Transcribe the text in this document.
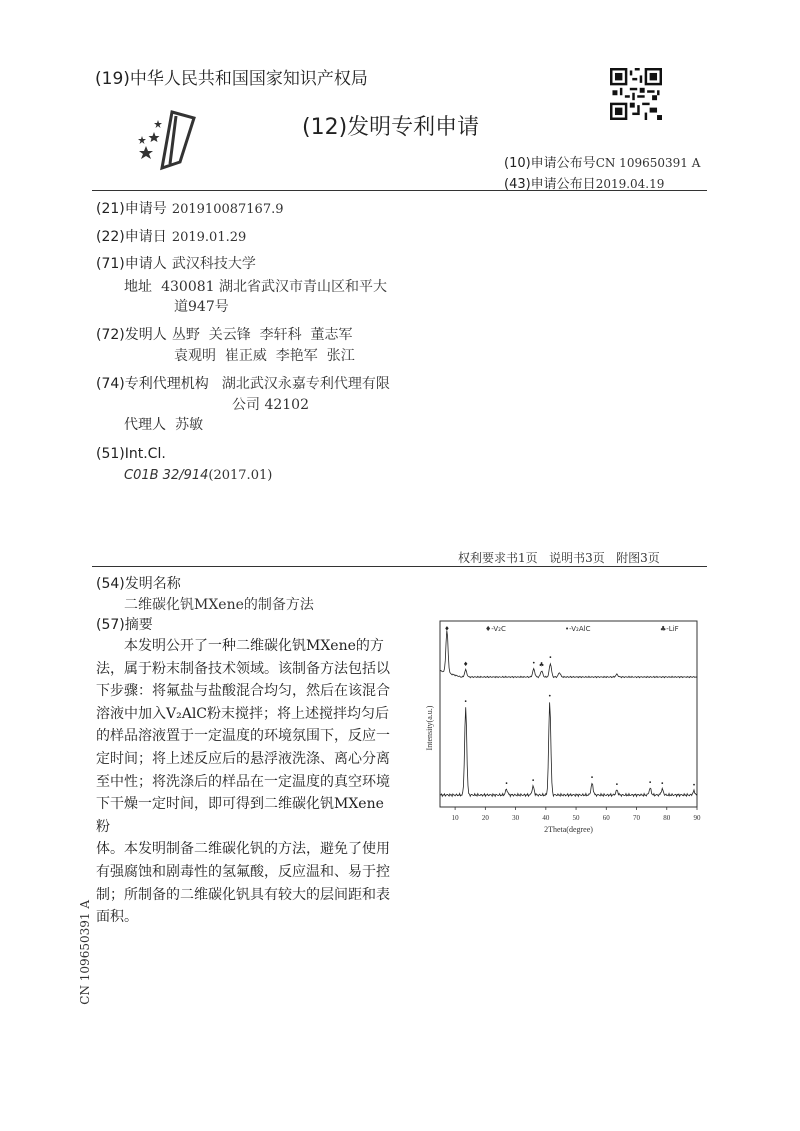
(19)中华人民共和国国家知识产权局
(12)发明专利申请
(10)申请公布号CN 109650391 A
(43)申请公布日2019.04.19
(21)申请号 201910087167.9
(22)申请日 2019.01.29
(71)申请人 武汉科技大学
地址 430081 湖北省武汉市青山区和平大
道947号
(72)发明人 丛野  关云锋  李轩科  董志军
袁观明  崔正威  李艳军  张江
(74)专利代理机构 湖北武汉永嘉专利代理有限
公司 42102
代理人 苏敏
(51)Int.Cl.
C01B 32/914(2017.01)
权利要求书1页   说明书3页   附图3页
(54)发明名称
二维碳化钒MXene的制备方法
(57)摘要
　　本发明公开了一种二维碳化钒MXene的方
法，属于粉末制备技术领域。该制备方法包括以
下步骤：将氟盐与盐酸混合均匀，然后在该混合
溶液中加入V₂AlC粉末搅拌；将上述搅拌均匀后
的样品溶液置于一定温度的环境氛围下，反应一
定时间；将上述反应后的悬浮液洗涤、离心分离
至中性；将洗涤后的样品在一定温度的真空环境
下干燥一定时间，即可得到二维碳化钒MXene粉
体。本发明制备二维碳化钒的方法，避免了使用
有强腐蚀和剧毒性的氢氟酸，反应温和、易于控
制；所制备的二维碳化钒具有较大的层间距和表
面积。
10	20	30	40	50	60	70	80	90
2Theta(degree)
Intensity(a.u.)
♦-V₂C	•-V₂AlC	♣-LiF
♦
♦	• ♣
•
•
•	•
•
•
•	• •	•
CN 109650391 A
